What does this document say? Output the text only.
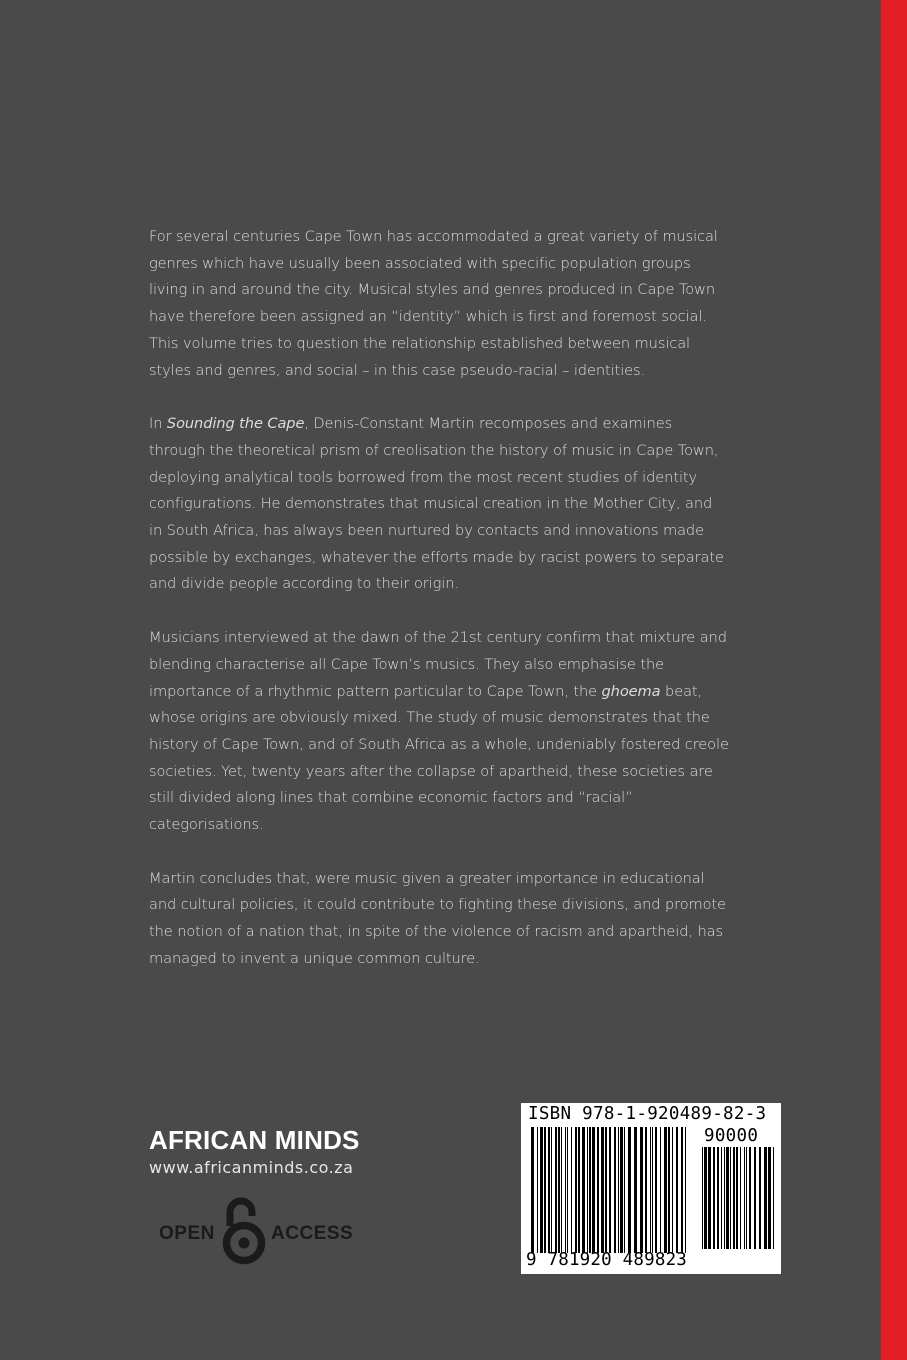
For several centuries Cape Town has accommodated a great variety of musical genres which have usually been associated with specific population groups living in and around the city. Musical styles and genres produced in Cape Town have therefore been assigned an “identity” which is first and foremost social. This volume tries to question the relationship established between musical styles and genres, and social – in this case pseudo-racial – identities.

In Sounding the Cape, Denis-Constant Martin recomposes and examines through the theoretical prism of creolisation the history of music in Cape Town, deploying analytical tools borrowed from the most recent studies of identity configurations. He demonstrates that musical creation in the Mother City, and in South Africa, has always been nurtured by contacts and innovations made possible by exchanges, whatever the efforts made by racist powers to separate and divide people according to their origin.

Musicians interviewed at the dawn of the 21st century confirm that mixture and blending characterise all Cape Town’s musics. They also emphasise the importance of a rhythmic pattern particular to Cape Town, the ghoema beat, whose origins are obviously mixed. The study of music demonstrates that the history of Cape Town, and of South Africa as a whole, undeniably fostered creole societies. Yet, twenty years after the collapse of apartheid, these societies are still divided along lines that combine economic factors and “racial” categorisations.

Martin concludes that, were music given a greater importance in educational and cultural policies, it could contribute to fighting these divisions, and promote the notion of a nation that, in spite of the violence of racism and apartheid, has managed to invent a unique common culture.

AFRICAN MINDS
www.africanminds.co.za
OPEN	ACCESS
ISBN 978-1-920489-82-3
90000
9 781920 489823
